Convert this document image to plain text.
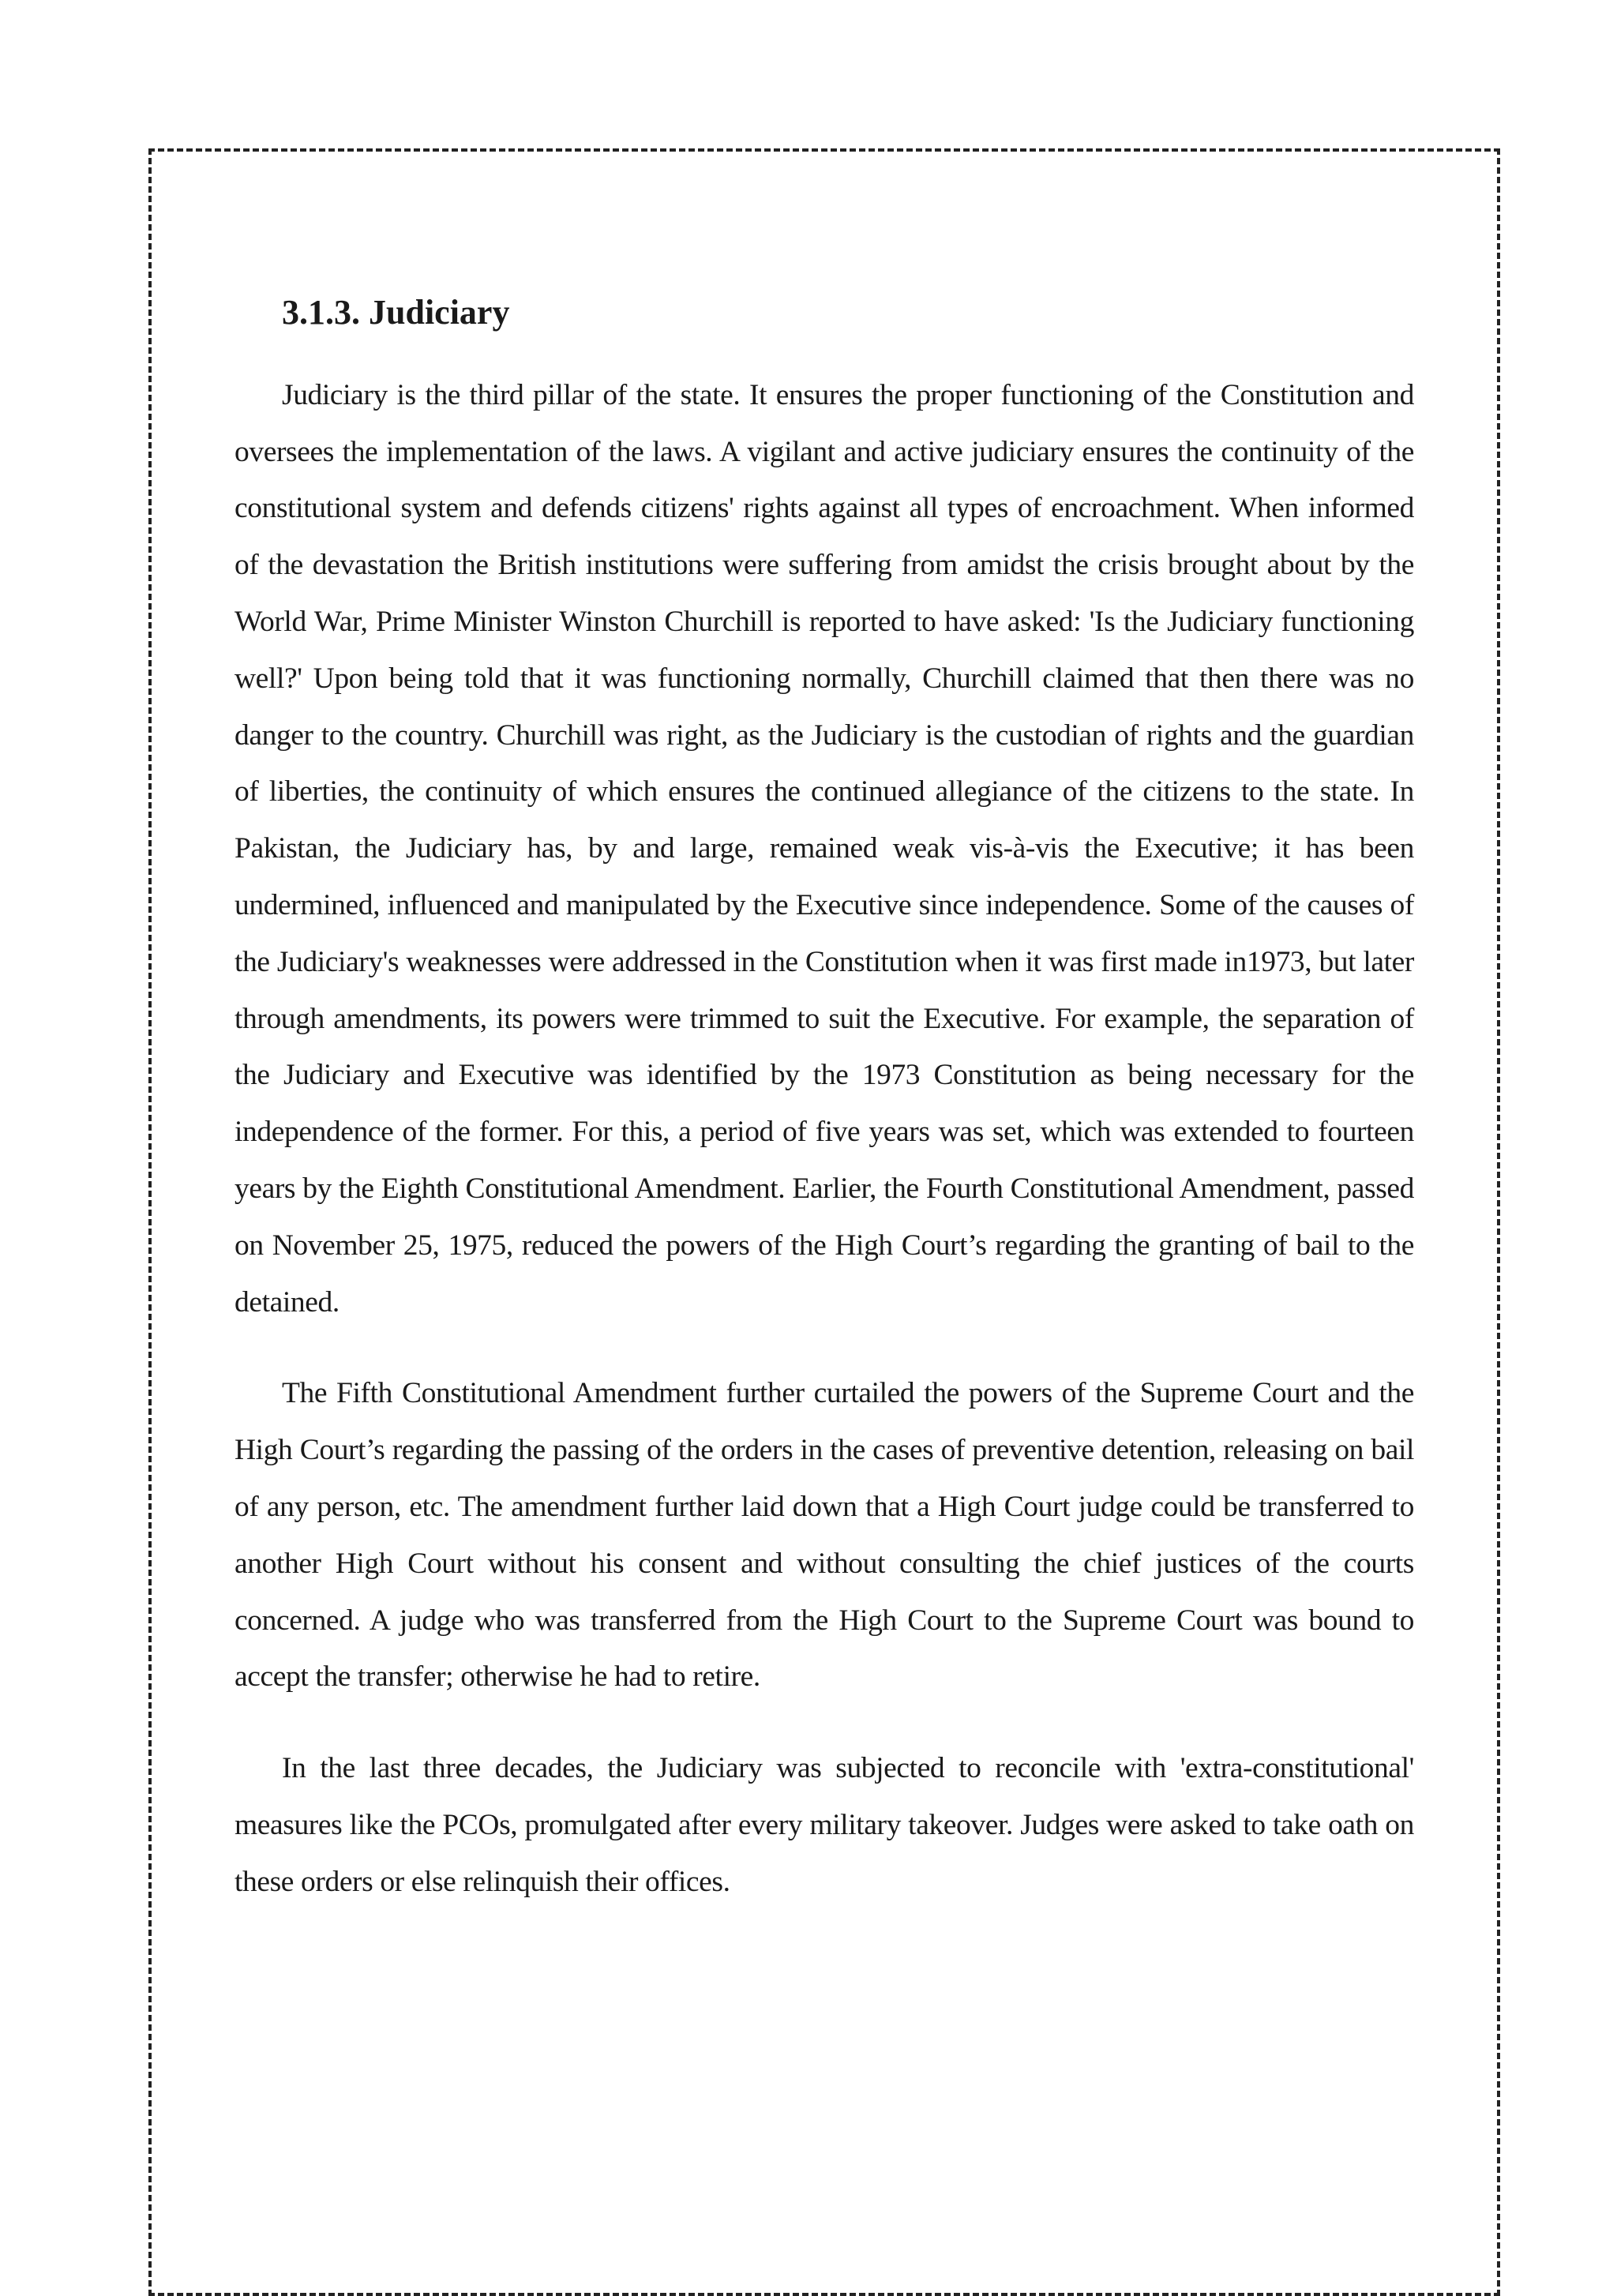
3.1.3. Judiciary

Judiciary is the third pillar of the state. It ensures the proper functioning of the Constitution and oversees the implementation of the laws. A vigilant and active judiciary ensures the continuity of the constitutional system and defends citizens' rights against all types of encroachment. When informed of the devastation the British institutions were suffering from amidst the crisis brought about by the World War, Prime Minister Winston Churchill is reported to have asked: 'Is the Judiciary functioning well?' Upon being told that it was functioning normally, Churchill claimed that then there was no danger to the country. Churchill was right, as the Judiciary is the custodian of rights and the guardian of liberties, the continuity of which ensures the continued allegiance of the citizens to the state. In Pakistan, the Judiciary has, by and large, remained weak vis-à-vis the Executive; it has been undermined, influenced and manipulated by the Executive since independence. Some of the causes of the Judiciary's weaknesses were addressed in the Constitution when it was first made in1973, but later through amendments, its powers were trimmed to suit the Executive. For example, the separation of the Judiciary and Executive was identified by the 1973 Constitution as being necessary for the independence of the former. For this, a period of five years was set, which was extended to fourteen years by the Eighth Constitutional Amendment. Earlier, the Fourth Constitutional Amendment, passed on November 25, 1975, reduced the powers of the High Court’s regarding the granting of bail to the detained.

The Fifth Constitutional Amendment further curtailed the powers of the Supreme Court and the High Court’s regarding the passing of the orders in the cases of preventive detention, releasing on bail of any person, etc. The amendment further laid down that a High Court judge could be transferred to another High Court without his consent and without consulting the chief justices of the courts concerned. A judge who was transferred from the High Court to the Supreme Court was bound to accept the transfer; otherwise he had to retire.

In the last three decades, the Judiciary was subjected to reconcile with 'extra-constitutional' measures like the PCOs, promulgated after every military takeover. Judges were asked to take oath on these orders or else relinquish their offices.
